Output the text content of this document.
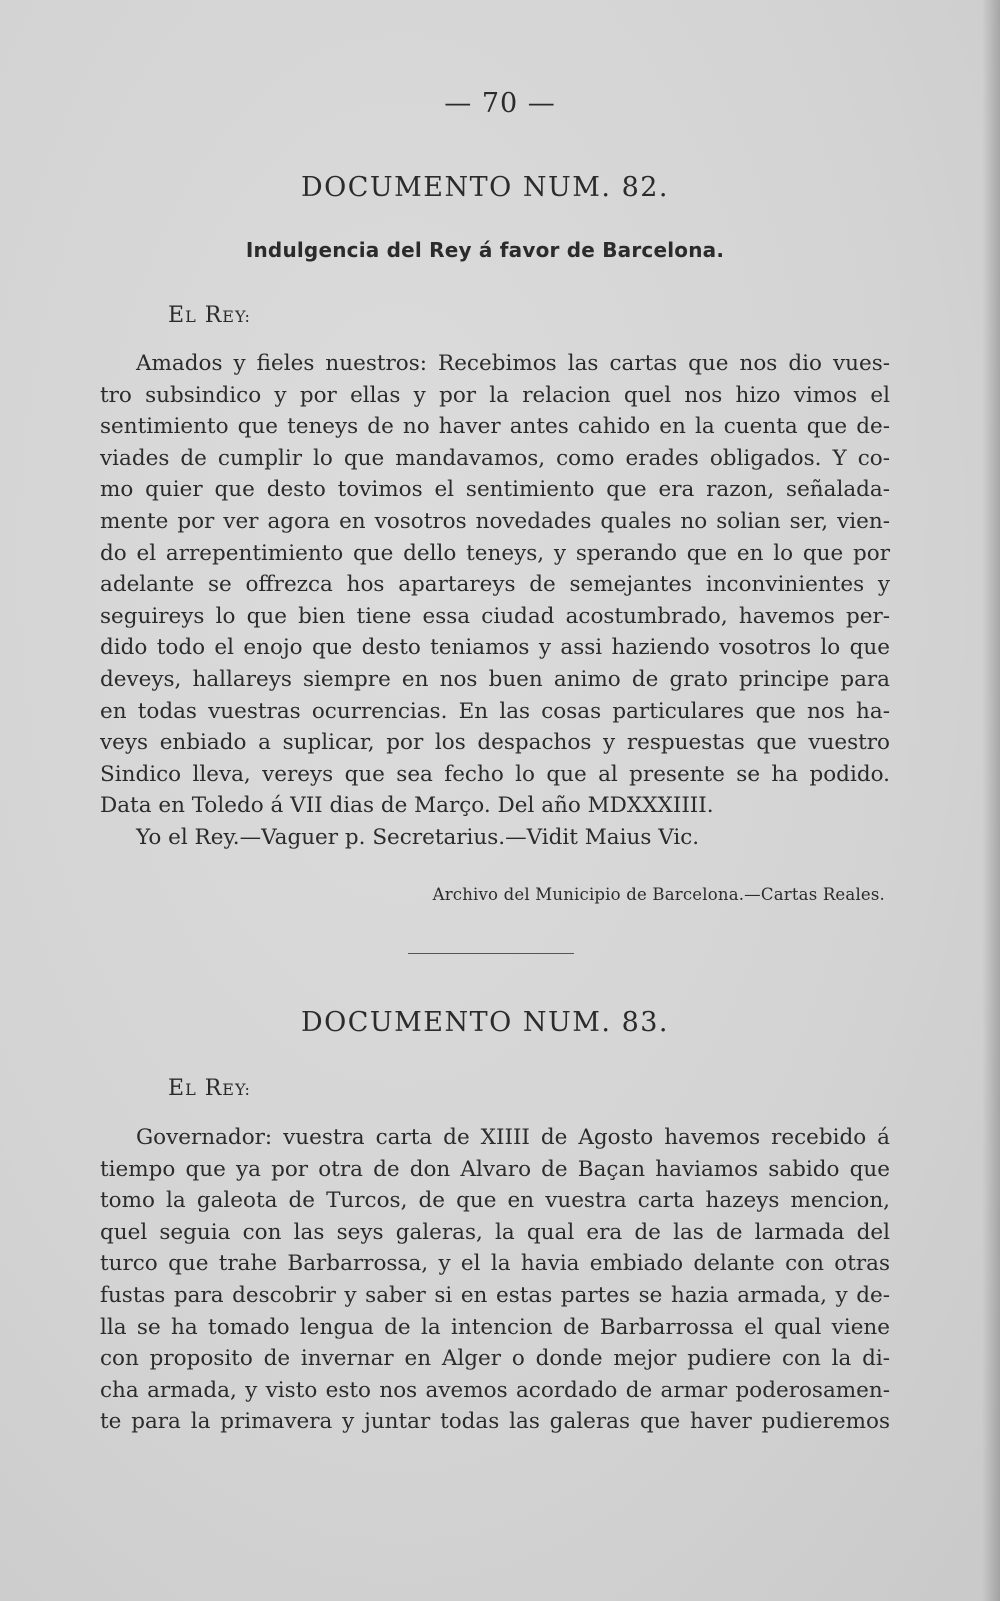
— 70 —
DOCUMENTO NUM. 82.
Indulgencia del Rey á favor de Barcelona.
EL REY:
Amados y fieles nuestros: Recebimos las cartas que nos dio vues-
tro subsindico y por ellas y por la relacion quel nos hizo vimos el
sentimiento que teneys de no haver antes cahido en la cuenta que de-
viades de cumplir lo que mandavamos, como erades obligados. Y co-
mo quier que desto tovimos el sentimiento que era razon, señalada-
mente por ver agora en vosotros novedades quales no solian ser, vien-
do el arrepentimiento que dello teneys, y sperando que en lo que por
adelante se offrezca hos apartareys de semejantes inconvinientes y
seguireys lo que bien tiene essa ciudad acostumbrado, havemos per-
dido todo el enojo que desto teniamos y assi haziendo vosotros lo que
deveys, hallareys siempre en nos buen animo de grato principe para
en todas vuestras ocurrencias. En las cosas particulares que nos ha-
veys enbiado a suplicar, por los despachos y respuestas que vuestro
Sindico lleva, vereys que sea fecho lo que al presente se ha podido.
Data en Toledo á VII dias de Março. Del año MDXXXIIII.
Yo el Rey.—Vaguer p. Secretarius.—Vidit Maius Vic.
Archivo del Municipio de Barcelona.—Cartas Reales.
DOCUMENTO NUM. 83.
EL REY:
Governador: vuestra carta de XIIII de Agosto havemos recebido á
tiempo que ya por otra de don Alvaro de Baçan haviamos sabido que
tomo la galeota de Turcos, de que en vuestra carta hazeys mencion,
quel seguia con las seys galeras, la qual era de las de larmada del
turco que trahe Barbarrossa, y el la havia embiado delante con otras
fustas para descobrir y saber si en estas partes se hazia armada, y de-
lla se ha tomado lengua de la intencion de Barbarrossa el qual viene
con proposito de invernar en Alger o donde mejor pudiere con la di-
cha armada, y visto esto nos avemos acordado de armar poderosamen-
te para la primavera y juntar todas las galeras que haver pudieremos
